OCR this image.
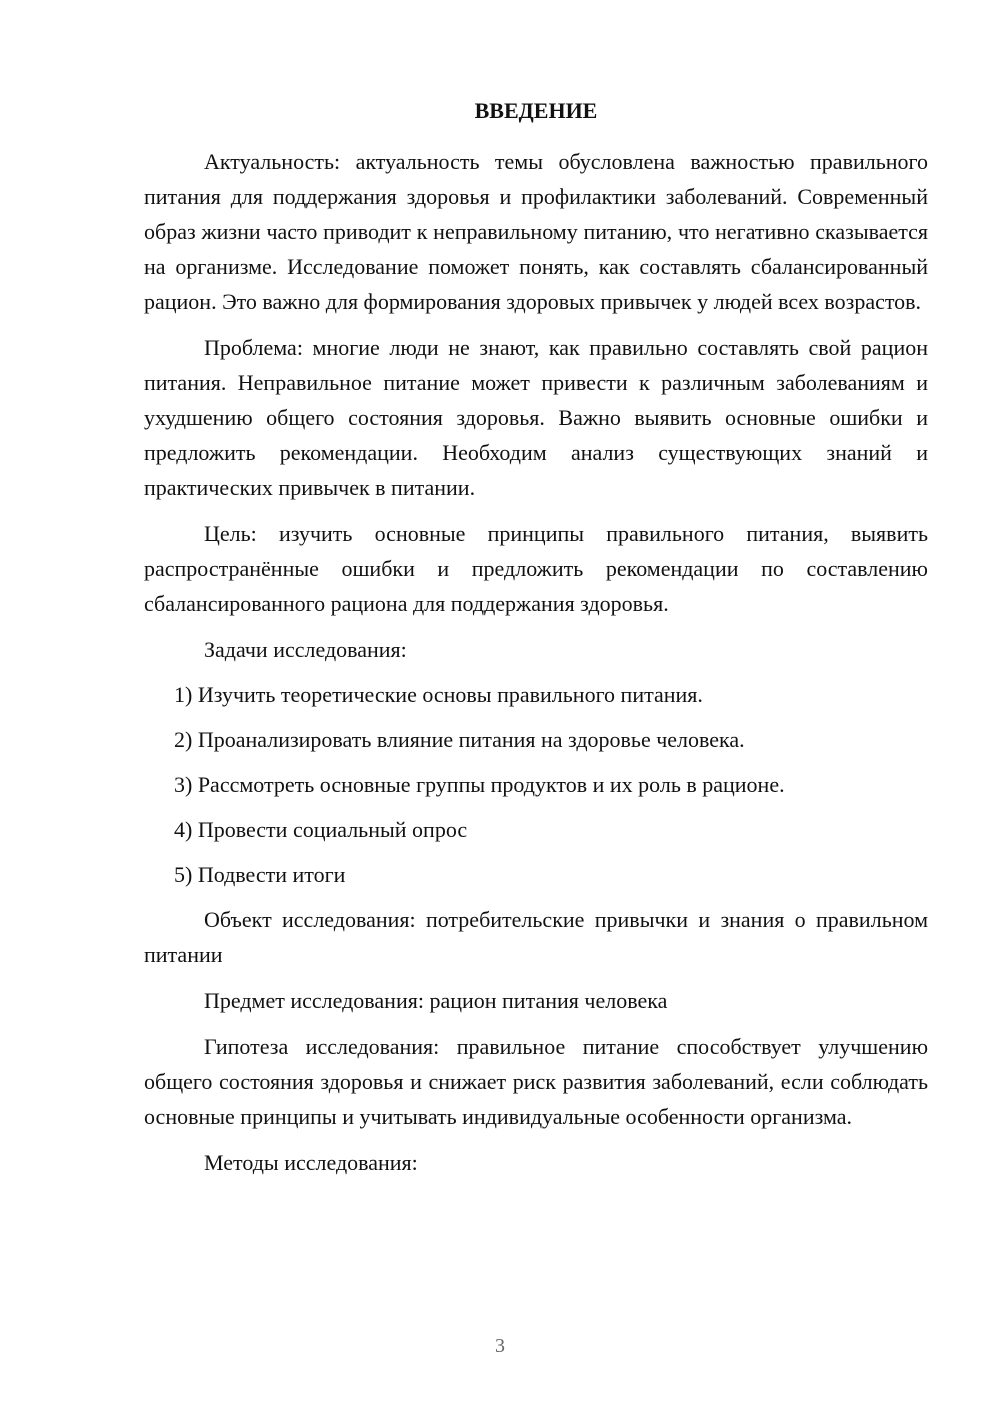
ВВЕДЕНИЕ

Актуальность: актуальность темы обусловлена важностью правильного питания для поддержания здоровья и профилактики заболеваний. Современный образ жизни часто приводит к неправильному питанию, что негативно сказывается на организме. Исследование поможет понять, как составлять сбалансированный рацион. Это важно для формирования здоровых привычек у людей всех возрастов.

Проблема: многие люди не знают, как правильно составлять свой рацион питания. Неправильное питание может привести к различным заболеваниям и ухудшению общего состояния здоровья. Важно выявить основные ошибки и предложить рекомендации. Необходим анализ существующих знаний и практических привычек в питании.

Цель: изучить основные принципы правильного питания, выявить распространённые ошибки и предложить рекомендации по составлению сбалансированного рациона для поддержания здоровья.

Задачи исследования:

1) Изучить теоретические основы правильного питания.
2) Проанализировать влияние питания на здоровье человека.
3) Рассмотреть основные группы продуктов и их роль в рационе.
4) Провести социальный опрос
5) Подвести итоги

Объект исследования: потребительские привычки и знания о правильном питании

Предмет исследования: рацион питания человека

Гипотеза исследования: правильное питание способствует улучшению общего состояния здоровья и снижает риск развития заболеваний, если соблюдать основные принципы и учитывать индивидуальные особенности организма.

Методы исследования:

3
